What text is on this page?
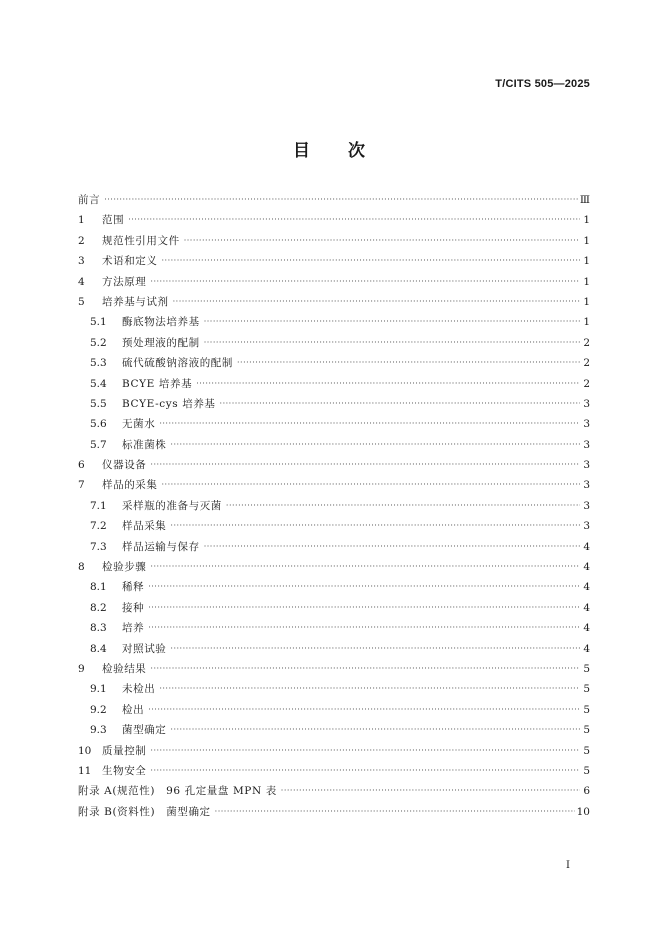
T/CITS 505—2025
目 次
前言 ·····	Ⅲ
1	范围 ·····	1
2	规范性引用文件 ·····	1
3	术语和定义 ·····	1
4	方法原理 ·····	1
5	培养基与试剂 ·····	1
5.1	酶底物法培养基 ·····	1
5.2	预处理液的配制 ·····	2
5.3	硫代硫酸钠溶液的配制 ·····	2
5.4	BCYE 培养基 ·····	2
5.5	BCYE-cys 培养基 ·····	3
5.6	无菌水 ·····	3
5.7	标准菌株 ·····	3
6	仪器设备 ·····	3
7	样品的采集 ·····	3
7.1	采样瓶的准备与灭菌 ·····	3
7.2	样品采集 ·····	3
7.3	样品运输与保存 ·····	4
8	检验步骤 ·····	4
8.1	稀释 ·····	4
8.2	接种 ·····	4
8.3	培养 ·····	4
8.4	对照试验 ·····	4
9	检验结果 ·····	5
9.1	未检出 ·····	5
9.2	检出 ·····	5
9.3	菌型确定 ·····	5
10	质量控制 ·····	5
11	生物安全 ·····	5
附录 A(规范性)　96 孔定量盘 MPN 表 ·····	6
附录 B(资料性)　菌型确定 ·····	10
Ⅰ
